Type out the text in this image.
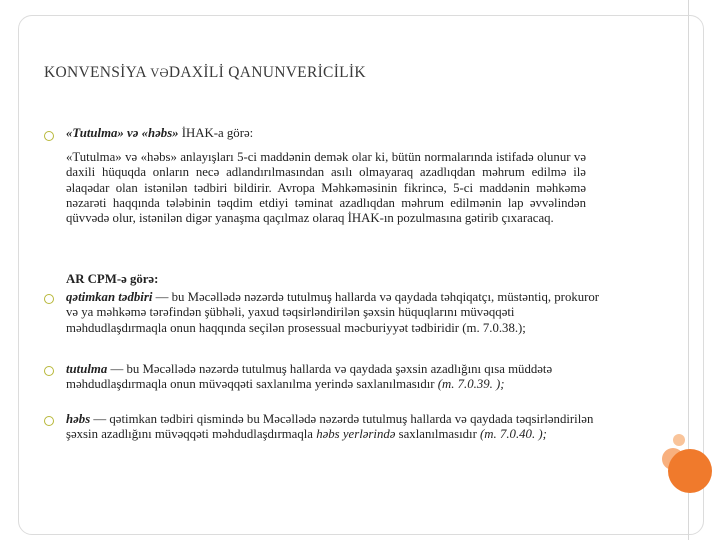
KONVENSİYA VƏDAXİLİ QANUNVERİCİLİK
«Tutulma» və «həbs» İHAK-a görə:
«Tutulma» və «həbs» anlayışları 5-ci maddənin demək olar ki, bütün normalarında istifadə olunur və daxili hüquqda onların necə adlandırılmasından asılı olmayaraq azadlıqdan məhrum edilmə ilə əlaqədar olan istənilən tədbiri bildirir. Avropa Məhkəməsinin fikrincə, 5-ci maddənin məhkəmə nəzarəti haqqında tələbinin təqdim etdiyi təminat azadlıqdan məhrum edilmənin lap əvvəlindən qüvvədə olur, istənilən digər yanaşma qaçılmaz olaraq İHAK-ın pozulmasına gətirib çıxaracaq.
AR CPM-ə görə:
qətimkan tədbiri — bu Məcəllədə nəzərdə tutulmuş hallarda və qaydada təhqiqatçı, müstəntiq, prokuror və ya məhkəmə tərəfindən şübhəli, yaxud təqsirləndirilən şəxsin hüquqlarını müvəqqəti məhdudlaşdırmaqla onun haqqında seçilən prosessual məcburiyyət tədbiridir (m. 7.0.38.);
tutulma — bu Məcəllədə nəzərdə tutulmuş hallarda və qaydada şəxsin azadlığını qısa müddətə məhdudlaşdırmaqla onun müvəqqəti saxlanılma yerində saxlanılmasıdır (m. 7.0.39. );
həbs — qətimkan tədbiri qismində bu Məcəllədə nəzərdə tutulmuş hallarda və qaydada təqsirləndirilən şəxsin azadlığını müvəqqəti məhdudlaşdırmaqla həbs yerlərində saxlanılmasıdır (m. 7.0.40. );
